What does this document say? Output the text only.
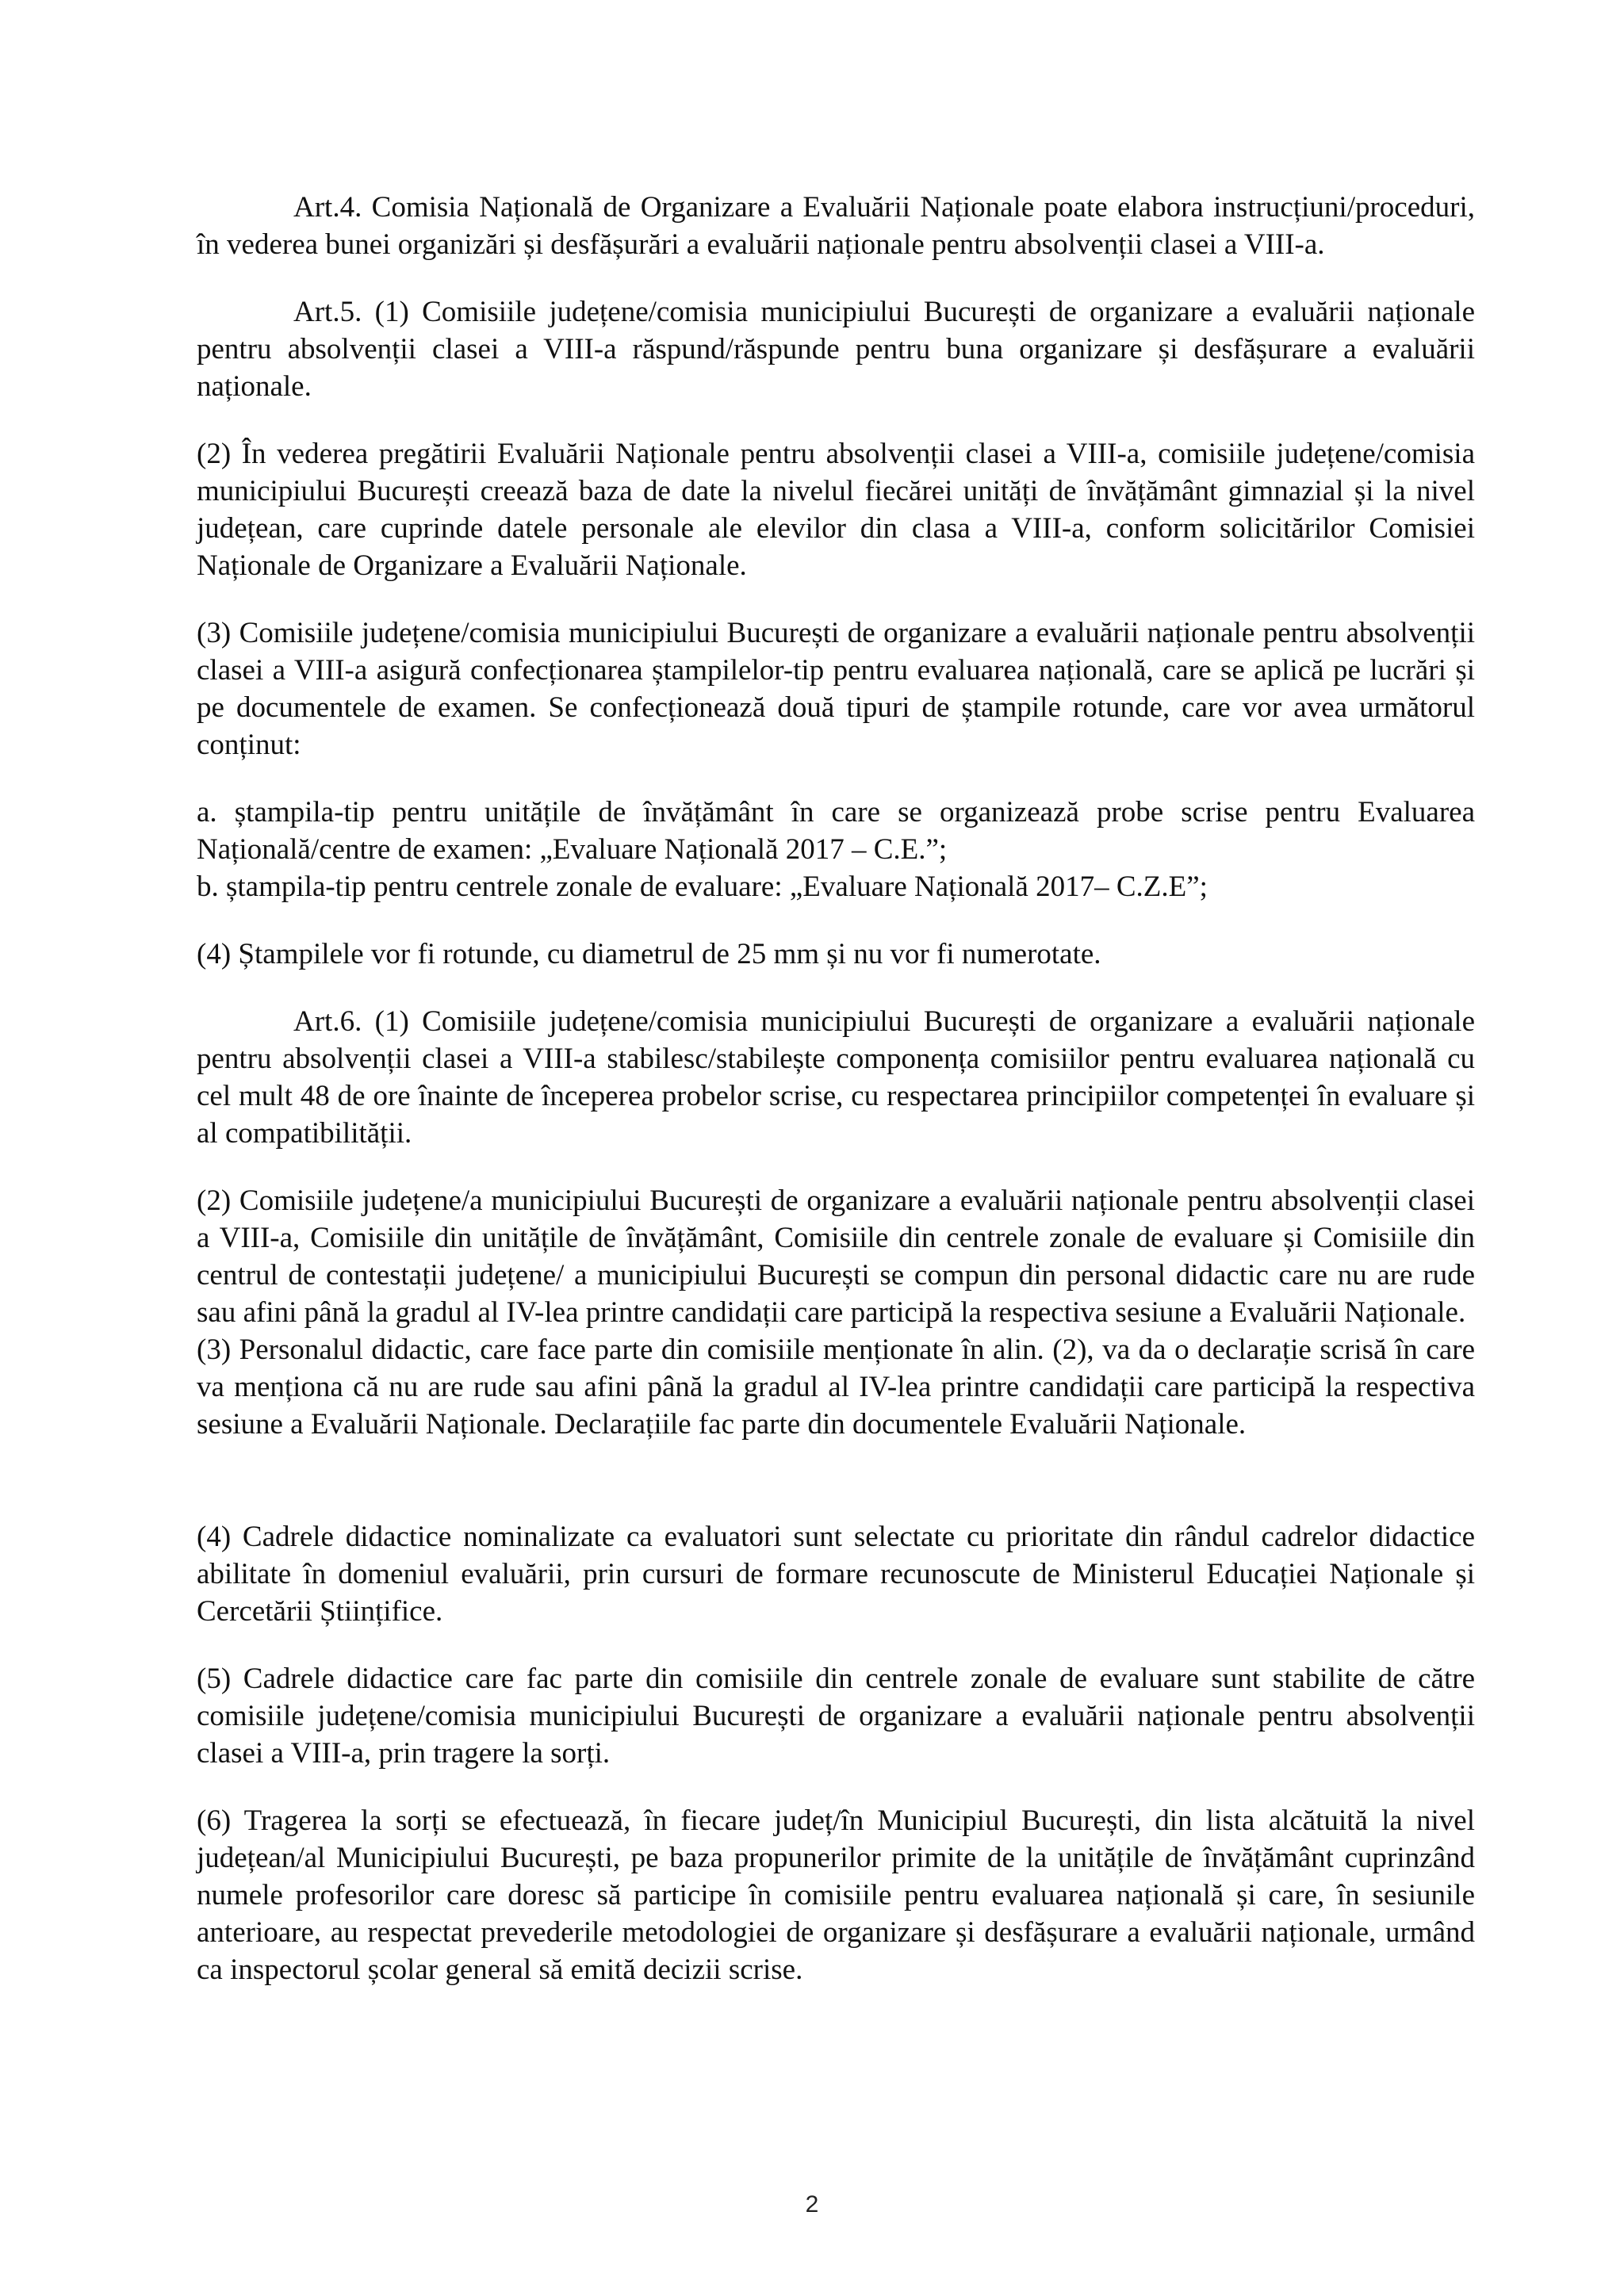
Art.4. Comisia Națională de Organizare a Evaluării Naționale poate elabora instrucțiuni/proceduri, în vederea bunei organizări și desfășurări a evaluării naționale pentru absolvenții clasei a VIII-a.

Art.5. (1) Comisiile județene/comisia municipiului București de organizare a evaluării naționale pentru absolvenții clasei a VIII-a răspund/răspunde pentru buna organizare și desfășurare a evaluării naționale.

(2) În vederea pregătirii Evaluării Naționale pentru absolvenții clasei a VIII-a, comisiile județene/comisia municipiului București creează baza de date la nivelul fiecărei unități de învățământ gimnazial și la nivel județean, care cuprinde datele personale ale elevilor din clasa a VIII-a, conform solicitărilor Comisiei Naționale de Organizare a Evaluării Naționale.

(3) Comisiile județene/comisia municipiului București de organizare a evaluării naționale pentru absolvenții clasei a VIII-a asigură confecționarea ștampilelor-tip pentru evaluarea națională, care se aplică pe lucrări și pe documentele de examen. Se confecționează două tipuri de ștampile rotunde, care vor avea următorul conținut:

a. ștampila-tip pentru unitățile de învățământ în care se organizează probe scrise pentru Evaluarea Națională/centre de examen: „Evaluare Națională 2017 – C.E.”;

b. ștampila-tip pentru centrele zonale de evaluare: „Evaluare Națională 2017– C.Z.E”;

(4) Ștampilele vor fi rotunde, cu diametrul de 25 mm și nu vor fi numerotate.

Art.6. (1) Comisiile județene/comisia municipiului București de organizare a evaluării naționale pentru absolvenții clasei a VIII-a stabilesc/stabilește componența comisiilor pentru evaluarea națională cu cel mult 48 de ore înainte de începerea probelor scrise, cu respectarea principiilor competenței în evaluare și al compatibilității.

(2) Comisiile județene/a municipiului București de organizare a evaluării naționale pentru absolvenții clasei a VIII-a, Comisiile din unitățile de învățământ, Comisiile din centrele zonale de evaluare și Comisiile din centrul de contestații județene/ a municipiului București se compun din personal didactic care nu are rude sau afini până la gradul al IV-lea printre candidații care participă la respectiva sesiune a Evaluării Naționale.

(3) Personalul didactic, care face parte din comisiile menționate în alin. (2), va da o declarație scrisă în care va menționa că nu are rude sau afini până la gradul al IV-lea printre candidații care participă la respectiva sesiune a Evaluării Naționale. Declarațiile fac parte din documentele Evaluării Naționale.

(4) Cadrele didactice nominalizate ca evaluatori sunt selectate cu prioritate din rândul cadrelor didactice abilitate în domeniul evaluării, prin cursuri de formare recunoscute de Ministerul Educației Naționale și Cercetării Științifice.

(5) Cadrele didactice care fac parte din comisiile din centrele zonale de evaluare sunt stabilite de către comisiile județene/comisia municipiului București de organizare a evaluării naționale pentru absolvenții clasei a VIII-a, prin tragere la sorți.

(6) Tragerea la sorți se efectuează, în fiecare județ/în Municipiul București, din lista alcătuită la nivel județean/al Municipiului București, pe baza propunerilor primite de la unitățile de învățământ cuprinzând numele profesorilor care doresc să participe în comisiile pentru evaluarea națională și care, în sesiunile anterioare, au respectat prevederile metodologiei de organizare și desfășurare a evaluării naționale, urmând ca inspectorul școlar general să emită decizii scrise.

2
